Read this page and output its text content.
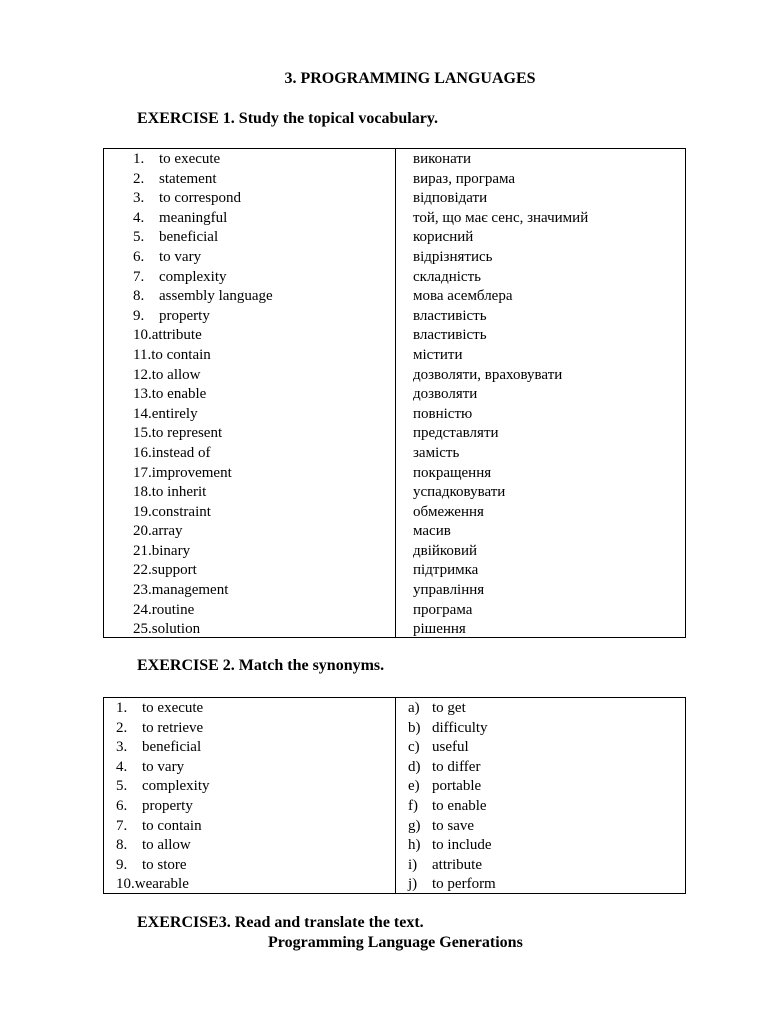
3. PROGRAMMING LANGUAGES
EXERCISE 1. Study the topical vocabulary.
1. to execute
2. statement
3. to correspond
4. meaningful
5. beneficial
6. to vary
7. complexity
8. assembly language
9. property
10.attribute
11.to contain
12.to allow
13.to enable
14.entirely
15.to represent
16.instead of
17.improvement
18.to inherit
19.constraint
20.array
21.binary
22.support
23.management
24.routine
25.solution
виконати
вираз, програма
відповідати
той, що має сенс, значимий
корисний
відрізнятись
складність
мова асемблера
властивість
властивість
містити
дозволяти, враховувати
дозволяти
повністю
представляти
замість
покращення
успадковувати
обмеження
масив
двійковий
підтримка
управління
програма
рішення
EXERCISE 2. Match the synonyms.
1. to execute
2. to retrieve
3. beneficial
4. to vary
5. complexity
6. property
7. to contain
8. to allow
9. to store
10.wearable
a) to get
b) difficulty
c) useful
d) to differ
e) portable
f) to enable
g) to save
h) to include
i) attribute
j) to perform
EXERCISE3. Read and translate the text.
Programming Language Generations
